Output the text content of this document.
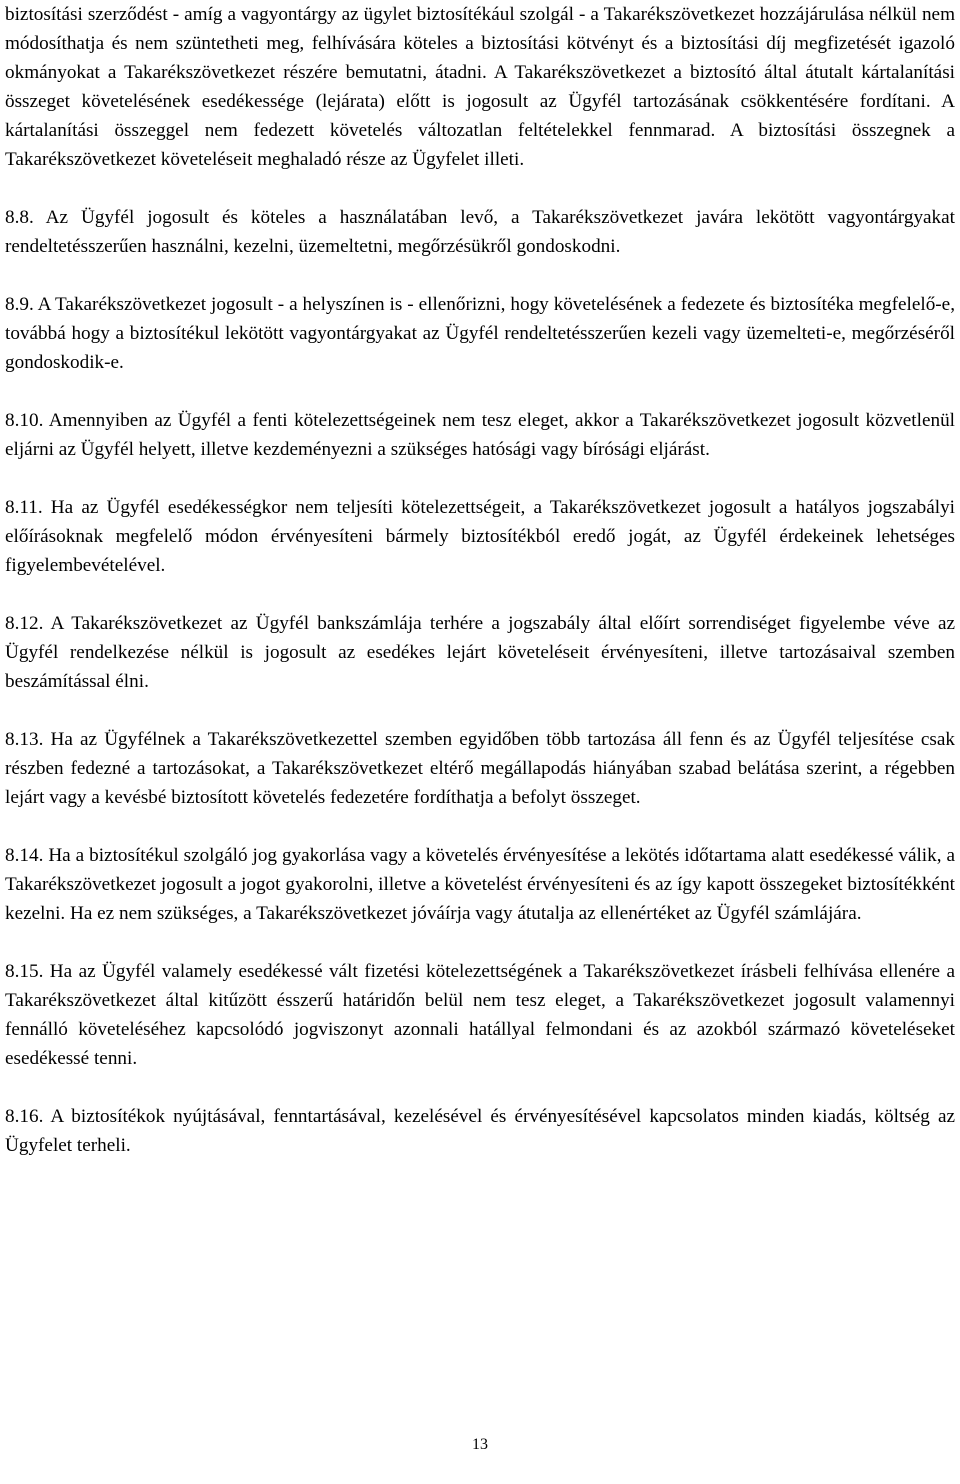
biztosítási szerződést - amíg a vagyontárgy az ügylet biztosítékául szolgál - a Takarékszövetkezet hozzájárulása nélkül nem módosíthatja és nem szüntetheti meg, felhívására köteles a biztosítási kötvényt és a biztosítási díj megfizetését igazoló okmányokat a Takarékszövetkezet részére bemutatni, átadni. A Takarékszövetkezet a biztosító által átutalt kártalanítási összeget követelésének esedékessége (lejárata) előtt is jogosult az Ügyfél tartozásának csökkentésére fordítani. A kártalanítási összeggel nem fedezett követelés változatlan feltételekkel fennmarad. A biztosítási összegnek a Takarékszövetkezet követeléseit meghaladó része az Ügyfelet illeti.

8.8. Az Ügyfél jogosult és köteles a használatában levő, a Takarékszövetkezet javára lekötött vagyontárgyakat rendeltetésszerűen használni, kezelni, üzemeltetni, megőrzésükről gondoskodni.

8.9. A Takarékszövetkezet jogosult - a helyszínen is - ellenőrizni, hogy követelésének a fedezete és biztosítéka megfelelő-e, továbbá hogy a biztosítékul lekötött vagyontárgyakat az Ügyfél rendeltetésszerűen kezeli vagy üzemelteti-e, megőrzéséről gondoskodik-e.

8.10. Amennyiben az Ügyfél a fenti kötelezettségeinek nem tesz eleget, akkor a Takarékszövetkezet jogosult közvetlenül eljárni az Ügyfél helyett, illetve kezdeményezni a szükséges hatósági vagy bírósági eljárást.

8.11. Ha az Ügyfél esedékességkor nem teljesíti kötelezettségeit, a Takarékszövetkezet jogosult a hatályos jogszabályi előírásoknak megfelelő módon érvényesíteni bármely biztosítékból eredő jogát, az Ügyfél érdekeinek lehetséges figyelembevételével.

8.12. A Takarékszövetkezet az Ügyfél bankszámlája terhére a jogszabály által előírt sorrendiséget figyelembe véve az Ügyfél rendelkezése nélkül is jogosult az esedékes lejárt követeléseit érvényesíteni, illetve tartozásaival szemben beszámítással élni.

8.13. Ha az Ügyfélnek a Takarékszövetkezettel szemben egyidőben több tartozása áll fenn és az Ügyfél teljesítése csak részben fedezné a tartozásokat, a Takarékszövetkezet eltérő megállapodás hiányában szabad belátása szerint, a régebben lejárt vagy a kevésbé biztosított követelés fedezetére fordíthatja a befolyt összeget.

8.14. Ha a biztosítékul szolgáló jog gyakorlása vagy a követelés érvényesítése a lekötés időtartama alatt esedékessé válik, a Takarékszövetkezet jogosult a jogot gyakorolni, illetve a követelést érvényesíteni és az így kapott összegeket biztosítékként kezelni. Ha ez nem szükséges, a Takarékszövetkezet jóváírja vagy átutalja az ellenértéket az Ügyfél számlájára.

8.15. Ha az Ügyfél valamely esedékessé vált fizetési kötelezettségének a Takarékszövetkezet írásbeli felhívása ellenére a Takarékszövetkezet által kitűzött ésszerű határidőn belül nem tesz eleget, a Takarékszövetkezet jogosult valamennyi fennálló követeléséhez kapcsolódó jogviszonyt azonnali hatállyal felmondani és az azokból származó követeléseket esedékessé tenni.

8.16. A biztosítékok nyújtásával, fenntartásával, kezelésével és érvényesítésével kapcsolatos minden kiadás, költség az Ügyfelet terheli.

13
